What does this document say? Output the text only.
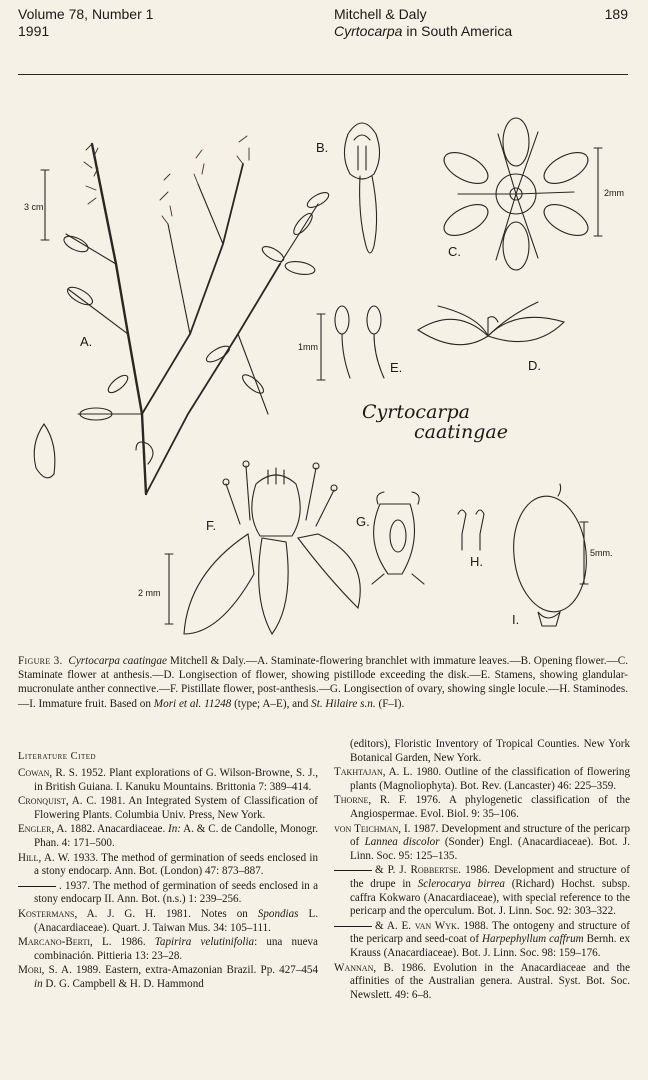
Volume 78, Number 1
1991
Mitchell & Daly
Cyrtocarpa in South America
189
A.
B.
C.
D.
E.
F.	G.
H.
I.
3 cm
2mm
1mm
2 mm
5mm.
Cyrtocarpa
caatingae
Figure 3. Cyrtocarpa caatingae Mitchell & Daly.—A. Staminate-flowering branchlet with immature leaves.—B. Opening flower.—C. Staminate flower at anthesis.—D. Longisection of flower, showing pistillode exceeding the disk.—E. Stamens, showing glandular-mucronulate anther connective.—F. Pistillate flower, post-anthesis.—G. Longisection of ovary, showing single locule.—H. Staminodes.—I. Immature fruit. Based on Mori et al. 11248 (type; A–E), and St. Hilaire s.n. (F–I).
Literature Cited
Cowan, R. S. 1952. Plant explorations of G. Wilson-Browne, S. J., in British Guiana. I. Kanuku Mountains. Brittonia 7: 389–414.
Cronquist, A. C. 1981. An Integrated System of Classification of Flowering Plants. Columbia Univ. Press, New York.
Engler, A. 1882. Anacardiaceae. In: A. & C. de Candolle, Monogr. Phan. 4: 171–500.
Hill, A. W. 1933. The method of germination of seeds enclosed in a stony endocarp. Ann. Bot. (London) 47: 873–887.
. 1937. The method of germination of seeds enclosed in a stony endocarp II. Ann. Bot. (n.s.) 1: 239–256.
Kostermans, A. J. G. H. 1981. Notes on Spondias L. (Anacardiaceae). Quart. J. Taiwan Mus. 34: 105–111.
Marcano-Berti, L. 1986. Tapirira velutinifolia: una nueva combinación. Pittieria 13: 23–28.
Mori, S. A. 1989. Eastern, extra-Amazonian Brazil. Pp. 427–454 in D. G. Campbell & H. D. Hammond
(editors), Floristic Inventory of Tropical Counties. New York Botanical Garden, New York.
Takhtajan, A. L. 1980. Outline of the classification of flowering plants (Magnoliophyta). Bot. Rev. (Lancaster) 46: 225–359.
Thorne, R. F. 1976. A phylogenetic classification of the Angiospermae. Evol. Biol. 9: 35–106.
von Teichman, I. 1987. Development and structure of the pericarp of Lannea discolor (Sonder) Engl. (Anacardiaceae). Bot. J. Linn. Soc. 95: 125–135.
& P. J. Robbertse. 1986. Development and structure of the drupe in Sclerocarya birrea (Richard) Hochst. subsp. caffra Kokwaro (Anacardiaceae), with special reference to the pericarp and the operculum. Bot. J. Linn. Soc. 92: 303–322.
& A. E. van Wyk. 1988. The ontogeny and structure of the pericarp and seed-coat of Harpephyllum caffrum Bernh. ex Krauss (Anacardiaceae). Bot. J. Linn. Soc. 98: 159–176.
Wannan, B. 1986. Evolution in the Anacardiaceae and the affinities of the Australian genera. Austral. Syst. Bot. Soc. Newslett. 49: 6–8.
